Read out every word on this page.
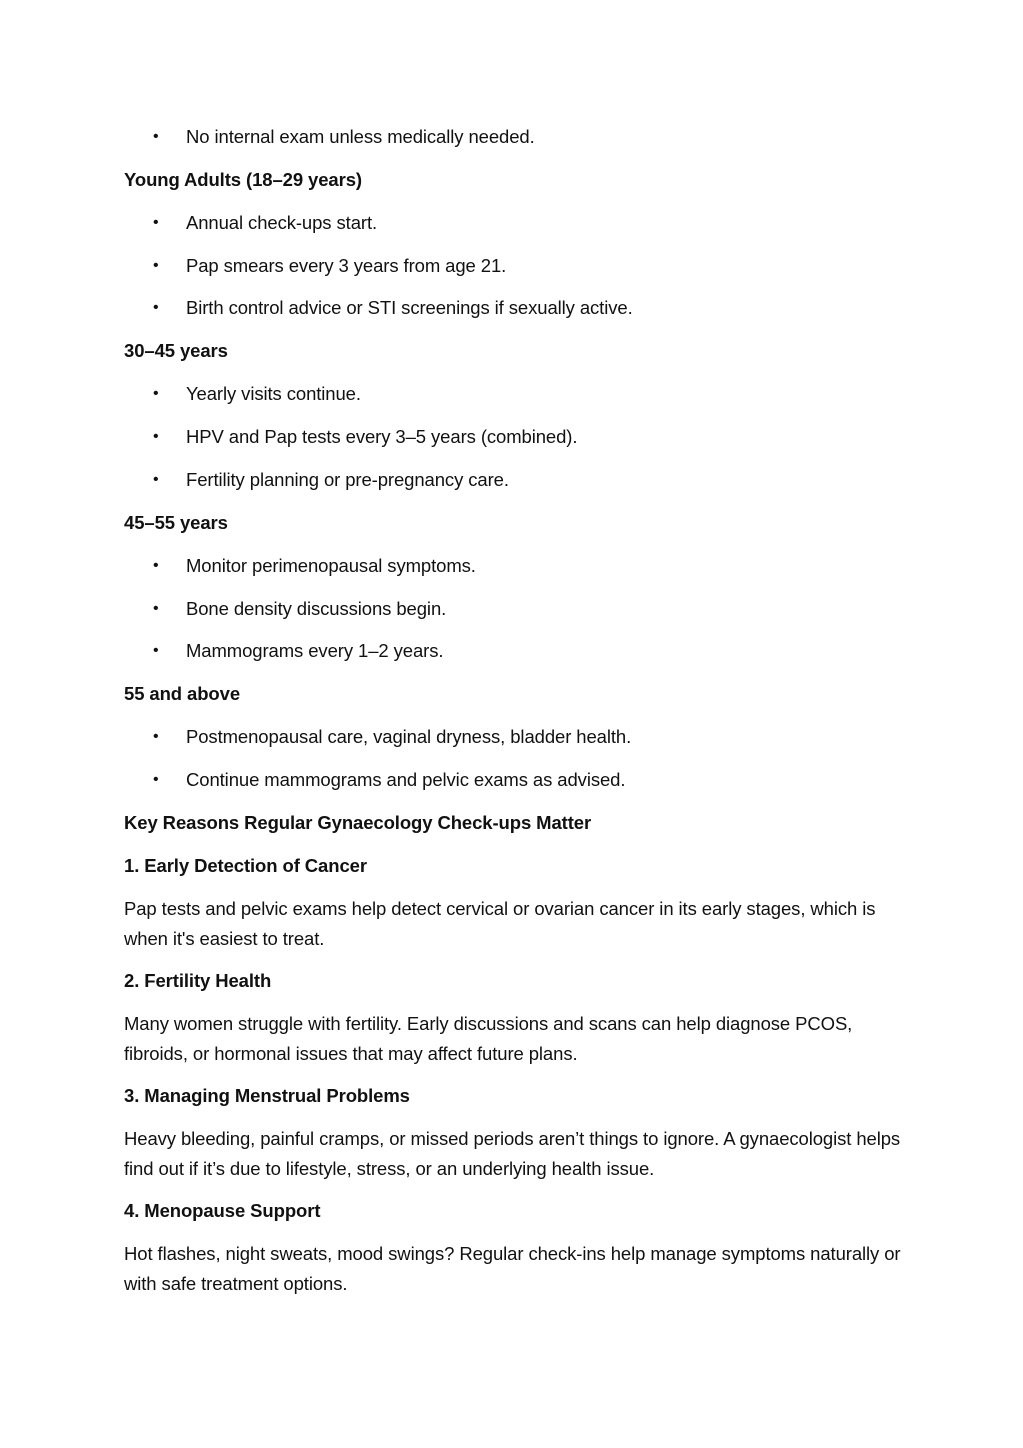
• No internal exam unless medically needed.
Young Adults (18–29 years)
• Annual check-ups start.
• Pap smears every 3 years from age 21.
• Birth control advice or STI screenings if sexually active.
30–45 years
• Yearly visits continue.
• HPV and Pap tests every 3–5 years (combined).
• Fertility planning or pre-pregnancy care.
45–55 years
• Monitor perimenopausal symptoms.
• Bone density discussions begin.
• Mammograms every 1–2 years.
55 and above
• Postmenopausal care, vaginal dryness, bladder health.
• Continue mammograms and pelvic exams as advised.
Key Reasons Regular Gynaecology Check-ups Matter
1. Early Detection of Cancer
Pap tests and pelvic exams help detect cervical or ovarian cancer in its early stages, which is when it's easiest to treat.
2. Fertility Health
Many women struggle with fertility. Early discussions and scans can help diagnose PCOS, fibroids, or hormonal issues that may affect future plans.
3. Managing Menstrual Problems
Heavy bleeding, painful cramps, or missed periods aren’t things to ignore. A gynaecologist helps find out if it’s due to lifestyle, stress, or an underlying health issue.
4. Menopause Support
Hot flashes, night sweats, mood swings? Regular check-ins help manage symptoms naturally or with safe treatment options.
